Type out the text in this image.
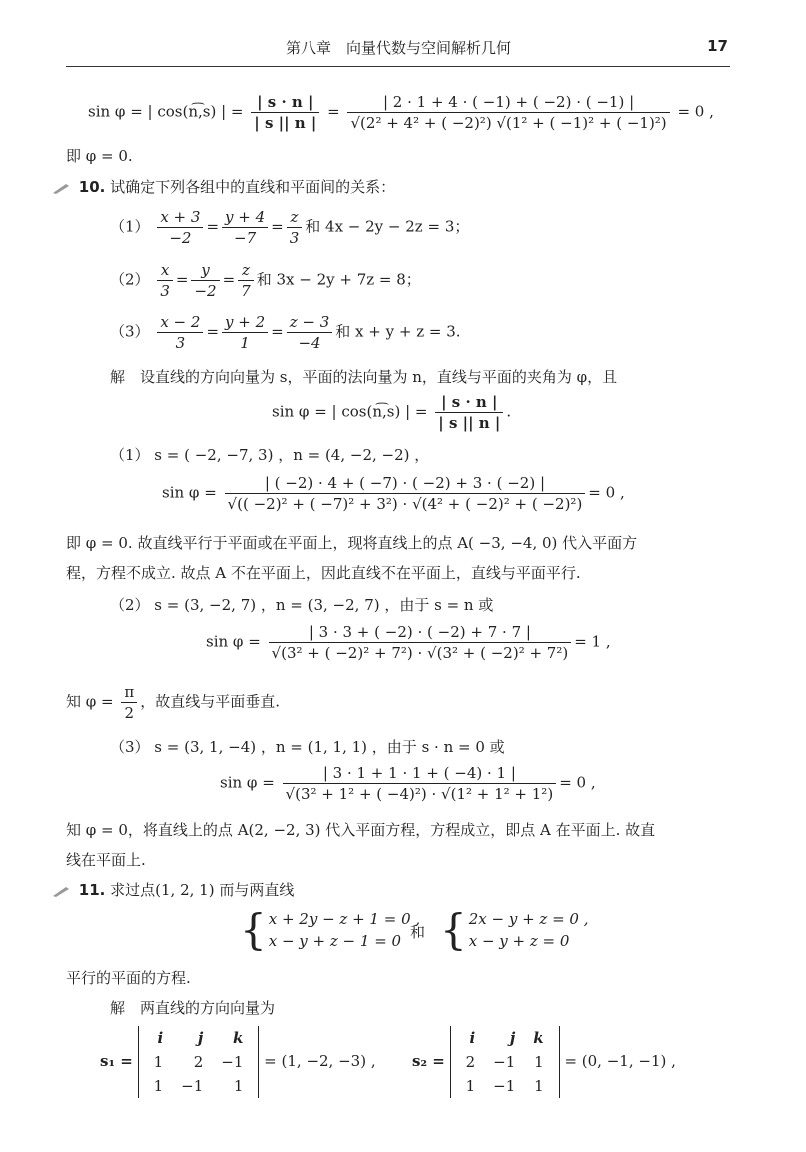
第八章　向量代数与空间解析几何	17
sin φ = | cos(n͡,s) | = $\frac{| s \cdot n |}{| s || n |} = \frac{| 2 \cdot 1 + 4 \cdot ( -1) + ( -2) \cdot ( -1) |}{\text{√(2² + 4² + ( −2)²) √(1² + ( −1)² + ( −1)²)}} = 0$ ,
即 φ = 0.
10. 试确定下列各组中的直线和平面间的关系：
$(1) \frac{x + 3}{-2} = \frac{y + 4}{-7} = \frac{z}{3}$ 和 4x − 2y − 2z = 3；
$(2) \frac{x}{3} = \frac{y}{-2} = \frac{z}{7}$ 和 3x − 2y + 7z = 8；
$(3) \frac{x - 2}{3} = \frac{y + 2}{1} = \frac{z - 3}{-4}$ 和 x + y + z = 3.
解　设直线的方向向量为 s，平面的法向量为 n，直线与平面的夹角为 φ，且
sin φ = | cos(n͡,s) | = $\frac{| s \cdot n |}{| s || n |}$ .
（1） s = ( −2, −7, 3) ，n = (4, −2, −2) ，
$\sin \varphi = \frac{| ( -2) \cdot 4 + ( -7) \cdot ( -2) + 3 \cdot ( -2) |}{\text{√(( −2)² + ( −7)² + 3²) · √(4² + ( −2)² + ( −2)²)}} = 0$ ,
即 φ = 0. 故直线平行于平面或在平面上，现将直线上的点 A( −3, −4, 0) 代入平面方
程，方程不成立. 故点 A 不在平面上，因此直线不在平面上，直线与平面平行.
（2） s = (3, −2, 7) ，n = (3, −2, 7) ，由于 s = n 或
$\sin \varphi = \frac{| 3 \cdot 3 + ( -2) \cdot ( -2) + 7 \cdot 7 |}{\text{√(3² + ( −2)² + 7²) · √(3² + ( −2)² + 7²)}} = 1$ ,
知 $\varphi = \frac{\pi}{2}$ ，故直线与平面垂直.
（3） s = (3, 1, −4) ，n = (1, 1, 1) ，由于 s · n = 0 或
$\sin \varphi = \frac{| 3 \cdot 1 + 1 \cdot 1 + ( -4) \cdot 1 |}{\text{√(3² + 1² + ( −4)²) · √(1² + 1² + 1²)}} = 0$ ,
知 φ = 0，将直线上的点 A(2, −2, 3) 代入平面方程，方程成立，即点 A 在平面上. 故直
线在平面上.
11. 求过点(1, 2, 1) 而与两直线
{ x + 2y − z + 1 = 0 ,
x − y + z − 1 = 0 和 { 2x − y + z = 0 ,
x − y + z = 0
平行的平面的方程.
解　两直线的方向向量为
s₁ =
i	j	k
1	2	−1
1	−1	1
= (1, −2, −3) , s₂ =
i	j	k
2	−1	1
1	−1	1
= (0, −1, −1) ,
